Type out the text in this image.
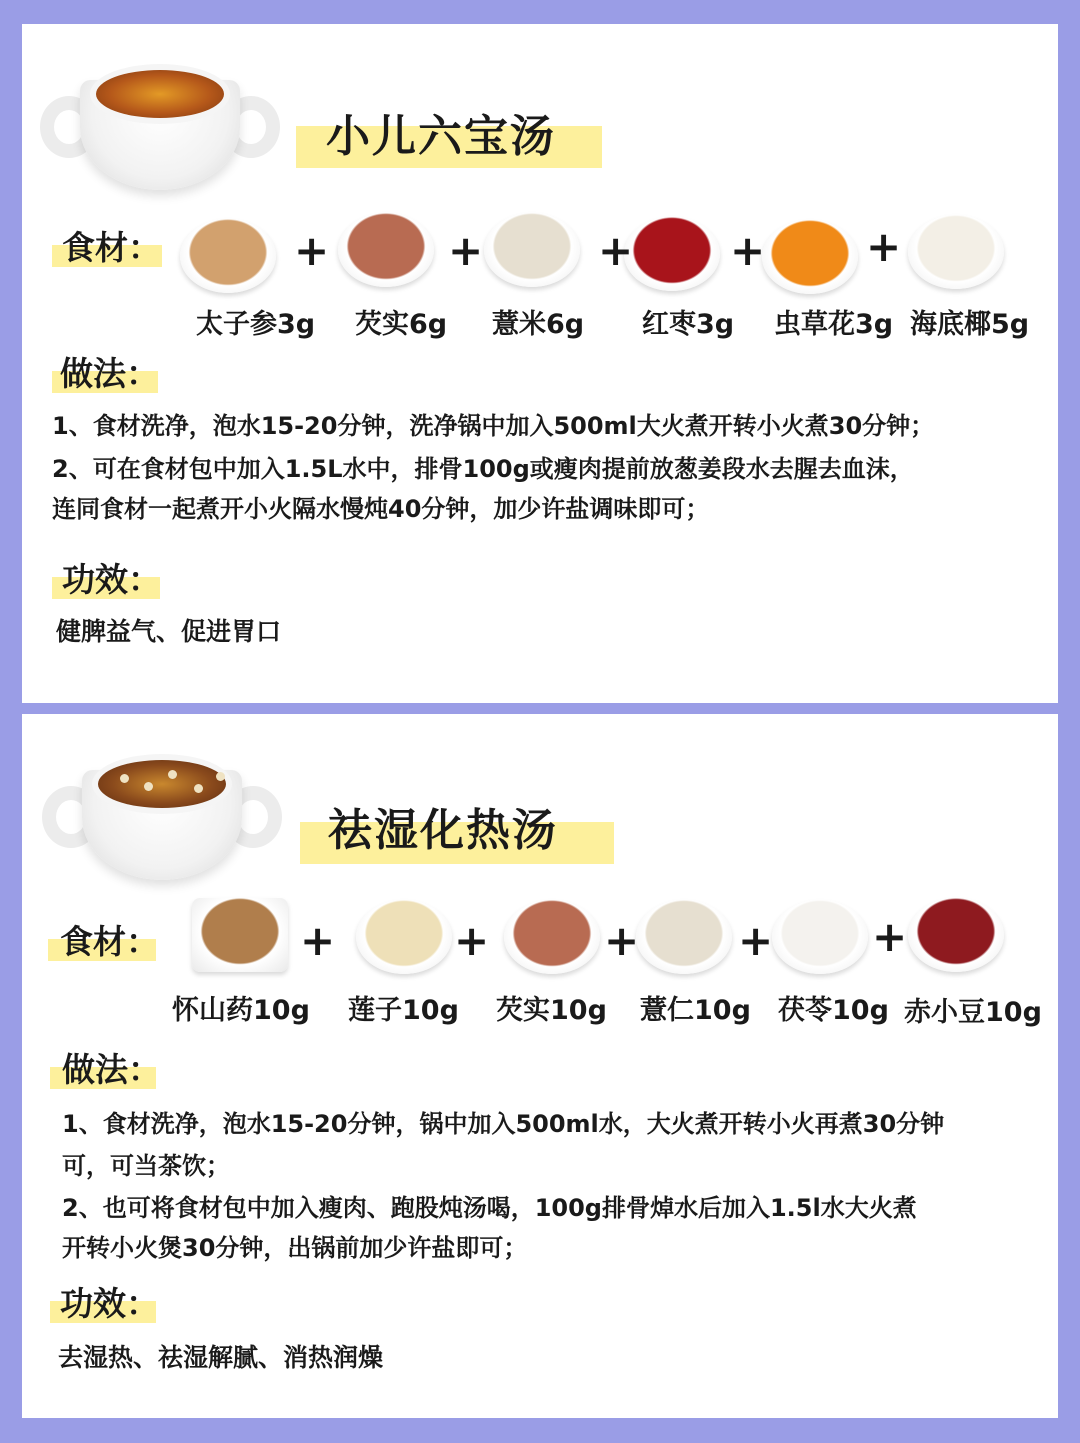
小儿六宝汤
食材：	+	+	+ + +
太子参3g 芡实6g 薏米6g 红枣3g 虫草花3g 海底椰5g
做法：
1、食材洗净，泡水15-20分钟，洗净锅中加入500ml大火煮开转小火煮30分钟；
2、可在食材包中加入1.5L水中，排骨100g或瘦肉提前放葱姜段水去腥去血沫，
连同食材一起煮开小火隔水慢炖40分钟，加少许盐调味即可；
功效：
健脾益气、促进胃口
祛湿化热汤
食材：	+	+	+ + +
怀山药10g 莲子10g 芡实10g 薏仁10g 茯苓10g 赤小豆10g
做法：
1、食材洗净，泡水15-20分钟，锅中加入500ml水，大火煮开转小火再煮30分钟
可，可当茶饮；
2、也可将食材包中加入瘦肉、跑股炖汤喝，100g排骨焯水后加入1.5l水大火煮
开转小火煲30分钟，出锅前加少许盐即可；
功效：
去湿热、祛湿解腻、消热润燥
